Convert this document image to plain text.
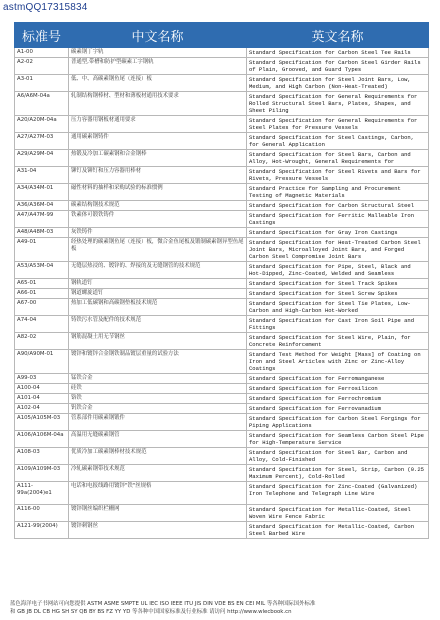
astmQQ17315834
标准号	中文名称	英文名称
A1-00	碳素钢丁字轨	Standard Specification for Carbon Steel Tee Rails
A2-02	普通型,带槽和防护型碳素工字钢轨	Standard Specification for Carbon Steel Girder Rails of Plain, Grooved, and Guard Types
A3-01	低、中、高碳素钢鱼尾（连接）板	Standard Specification for Steel Joint Bars, Low, Medium, and High Carbon (Non-Heat-Treated)
A6/A6M-04a	轧制结构钢棒材、型材和薄板材通用技术要求	Standard Specification for General Requirements for Rolled Structural Steel Bars, Plates, Shapes, and Sheet Piling
A20/A20M-04a	压力容器用钢板材通用要求	Standard Specification for General Requirements for Steel Plates for Pressure Vessels
A27/A27M-03	通用碳素钢铸件	Standard Specification for Steel Castings, Carbon, for General Application
A29/A29M-04	热锻及冷加工碳素钢和合金钢棒	Standard Specification for Steel Bars, Carbon and Alloy, Hot-Wrought, General Requirements for
A31-04	铆钉及铆钉和压力容器用棒材	Standard Specification for Steel Rivets and Bars for Rivets, Pressure Vessels
A34/A34M-01	磁性材料的抽样和采购试验的标准惯例	Standard Practice for Sampling and Procurement Testing of Magnetic Materials
A36/A36M-04	碳素结构钢技术规范	Standard Specification for Carbon Structural Steel
A47/A47M-99	铁素体可锻铁铸件	Standard Specification for Ferritic Malleable Iron Castings
A48/A48M-03	灰铁铸件	Standard Specification for Gray Iron Castings
A49-01	经热处理的碳素钢鱼尾（连接）板，微合金鱼尾板及锻制碳素钢异型鱼尾板	Standard Specification for Heat-Treated Carbon Steel Joint Bars, Microalloyed Joint Bars, and Forged Carbon Steel Compromise Joint Bars
A53/A53M-04	无缝层热浸的、镀锌的、焊接的及无缝钢管的技术规范	Standard Specification for Pipe, Steel, Black and Hot-Dipped, Zinc-Coated, Welded and Seamless
A65-01	钢轨道钉	Standard Specification for Steel Track Spikes
A66-01	钢道螺旋道钉	Standard Specification for Steel Screw Spikes
A67-00	热加工低碳钢和高碳钢垫板技术规范	Standard Specification for Steel Tie Plates, Low-Carbon and High-Carbon Hot-Worked
A74-04	铸铁污水管及配件的技术规范	Standard Specification for Cast Iron Soil Pipe and Fittings
A82-02	钢筋混凝土用无节钢丝	Standard Specification for Steel Wire, Plain, for Concrete Reinforcement
A90/A90M-01	镀锌和镀锌合金钢铁制品镀层重量的试验方法	Standard Test Method for Weight [Mass] of Coating on Iron and Steel Articles with Zinc or Zinc-Alloy Coatings
A99-03	锰铁合金	Standard Specification for Ferromanganese
A100-04	硅铁	Standard Specification for Ferrosilicon
A101-04	铬铁	Standard Specification for Ferrochromium
A102-04	钒铁合金	Standard Specification for Ferrovanadium
A105/A105M-03	管系部件用碳素钢锻件	Standard Specification for Carbon Steel Forgings for Piping Applications
A106/A106M-04a	高温用无缝碳素钢管	Standard Specification for Seamless Carbon Steel Pipe for High-Temperature Service
A108-03	优质冷加工碳素钢棒材技术规范	Standard Specification for Steel Bar, Carbon and Alloy, Cold-Finished
A109/A109M-03	冷轧碳素钢带技术规范	Standard Specification for Steel, Strip, Carbon (0.25 Maximum Percent), Cold-Rolled
A111-99a(2004)e1	电话和电报线路用镀锌"铁"丝规格	Standard Specification for Zinc-Coated (Galvanized) Iron Telephone and Telegraph Line Wire
A116-00	镀锌钢丝编织栏栅网	Standard Specification for Metallic-Coated, Steel Woven Wire Fence Fabric
A121-99(2004)	镀锌刺钢丝	Standard Specification for Metallic-Coated, Carbon Steel Barbed Wire
蓝色海洋电子书网站可向您提供 ASTM ASME SMPTE UL IEC ISO IEEE ITU JIS DIN VDE BS EN CEI MIL 等各种国际国外标准
和 GB JB DL CB HG SH SY QB BY BS FZ YY YD 等各种中国国家标准及行业标准 请访问 http://www.wlecbook.cn
